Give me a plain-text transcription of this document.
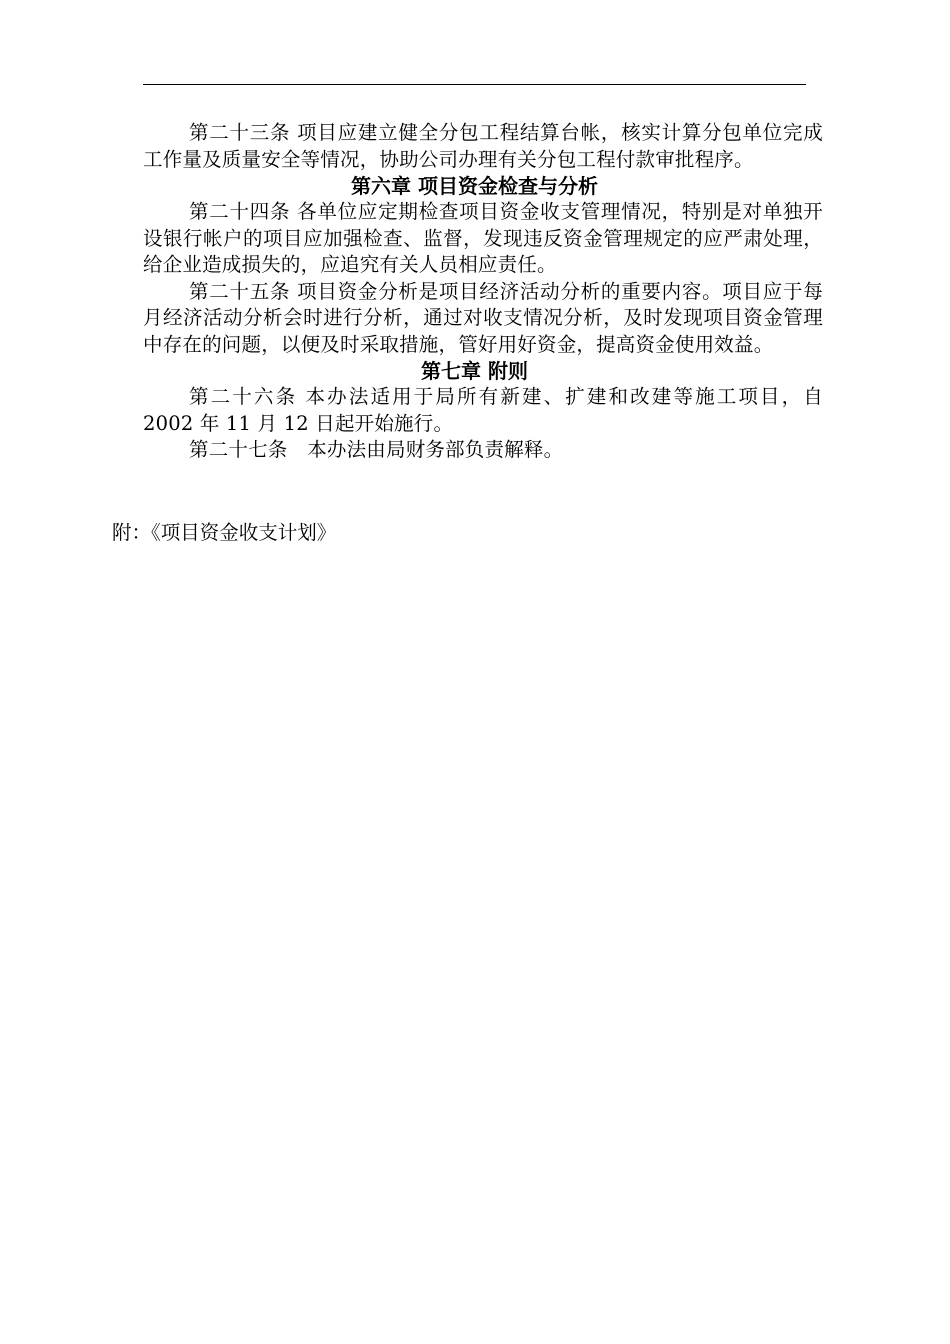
第二十三条 项目应建立健全分包工程结算台帐，核实计算分包单位完成工作量及质量安全等情况，协助公司办理有关分包工程付款审批程序。

第六章 项目资金检查与分析

第二十四条 各单位应定期检查项目资金收支管理情况，特别是对单独开设银行帐户的项目应加强检查、监督，发现违反资金管理规定的应严肃处理，给企业造成损失的，应追究有关人员相应责任。

第二十五条 项目资金分析是项目经济活动分析的重要内容。项目应于每月经济活动分析会时进行分析，通过对收支情况分析，及时发现项目资金管理中存在的问题，以便及时采取措施，管好用好资金，提高资金使用效益。

第七章 附则

第二十六条 本办法适用于局所有新建、扩建和改建等施工项目，自 2002 年 11 月 12 日起开始施行。

第二十七条　本办法由局财务部负责解释。

附：《项目资金收支计划》
